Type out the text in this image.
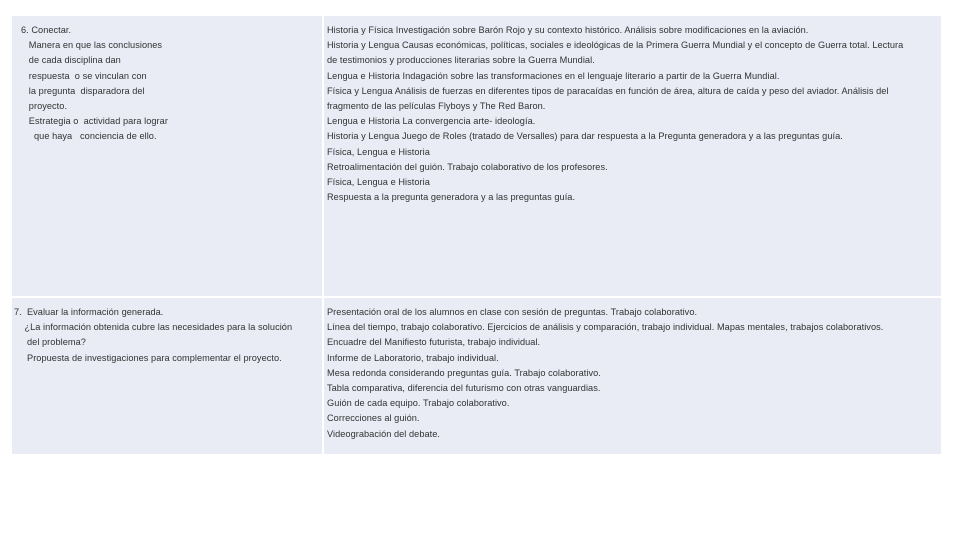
6. Conectar.
Manera en que las conclusiones
de cada disciplina dan
respuesta  o se vinculan con
la pregunta  disparadora del
proyecto.
Estrategia o  actividad para lograr
que haya   conciencia de ello.
Historia y Física Investigación sobre Barón Rojo y su contexto histórico. Análisis sobre modificaciones en la aviación.
Historia y Lengua Causas económicas, políticas, sociales e ideológicas de la Primera Guerra Mundial y el concepto de Guerra total. Lectura
de testimonios y producciones literarias sobre la Guerra Mundial.
Lengua e Historia Indagación sobre las transformaciones en el lenguaje literario a partir de la Guerra Mundial.
Física y Lengua Análisis de fuerzas en diferentes tipos de paracaídas en función de área, altura de caída y peso del aviador. Análisis del
fragmento de las películas Flyboys y The Red Baron.
Lengua e Historia La convergencia arte- ideología.
Historia y Lengua Juego de Roles (tratado de Versalles) para dar respuesta a la Pregunta generadora y a las preguntas guía.
Física, Lengua e Historia
Retroalimentación del guión. Trabajo colaborativo de los profesores.
Física, Lengua e Historia
Respuesta a la pregunta generadora y a las preguntas guía.
7.  Evaluar la información generada.
¿La información obtenida cubre las necesidades para la solución
del problema?
Propuesta de investigaciones para complementar el proyecto.
Presentación oral de los alumnos en clase con sesión de preguntas. Trabajo colaborativo.
Línea del tiempo, trabajo colaborativo. Ejercicios de análisis y comparación, trabajo individual. Mapas mentales, trabajos colaborativos.
Encuadre del Manifiesto futurista, trabajo individual.
Informe de Laboratorio, trabajo individual.
Mesa redonda considerando preguntas guía. Trabajo colaborativo.
Tabla comparativa, diferencia del futurismo con otras vanguardias.
Guión de cada equipo. Trabajo colaborativo.
Correcciones al guión.
Videograbación del debate.
